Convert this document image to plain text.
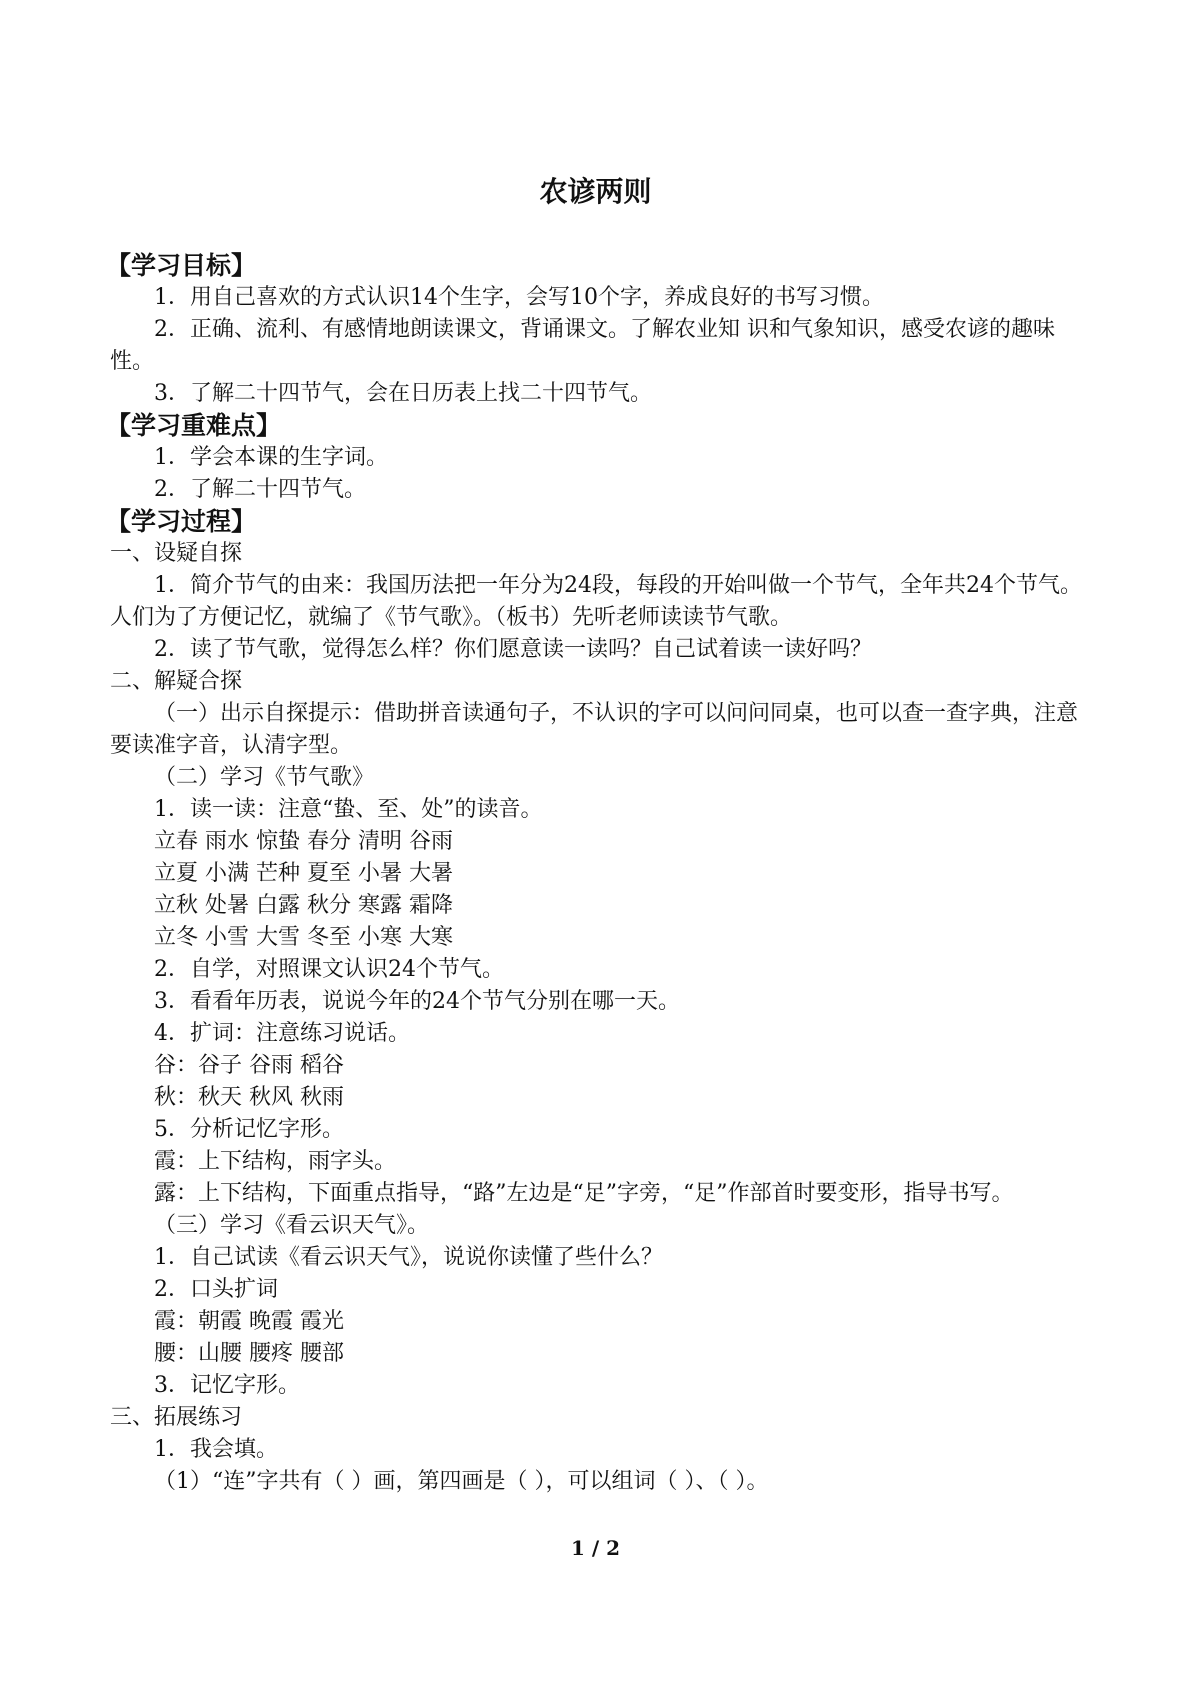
农谚两则
【学习目标】
1．用自己喜欢的方式认识14个生字，会写10个字，养成良好的书写习惯。
2．正确、流利、有感情地朗读课文，背诵课文。了解农业知 识和气象知识，感受农谚的趣味性。
3．了解二十四节气，会在日历表上找二十四节气。
【学习重难点】
1．学会本课的生字词。
2．了解二十四节气。
【学习过程】
一、设疑自探
1．简介节气的由来：我国历法把一年分为24段，每段的开始叫做一个节气，全年共24个节气。人们为了方便记忆，就编了《节气歌》。（板书）先听老师读读节气歌。
2．读了节气歌，觉得怎么样？你们愿意读一读吗？自己试着读一读好吗？
二、解疑合探
（一）出示自探提示：借助拼音读通句子，不认识的字可以问问同桌，也可以查一查字典，注意要读准字音，认清字型。
（二）学习《节气歌》
1．读一读：注意“蛰、至、处”的读音。
立春 雨水 惊蛰 春分 清明 谷雨
立夏 小满 芒种 夏至 小暑 大暑
立秋 处暑 白露 秋分 寒露 霜降
立冬 小雪 大雪 冬至 小寒 大寒
2．自学，对照课文认识24个节气。
3．看看年历表，说说今年的24个节气分别在哪一天。
4．扩词：注意练习说话。
谷：谷子 谷雨 稻谷
秋：秋天 秋风 秋雨
5．分析记忆字形。
霞：上下结构，雨字头。
露：上下结构，下面重点指导，“路”左边是“足”字旁，“足”作部首时要变形，指导书写。
（三）学习《看云识天气》。
1．自己试读《看云识天气》，说说你读懂了些什么？
2．口头扩词
霞：朝霞 晚霞 霞光
腰：山腰 腰疼 腰部
3．记忆字形。
三、拓展练习
1．我会填。
（1）“连”字共有（ ）画，第四画是（ ），可以组词（ ）、（ ）。
1 / 2
